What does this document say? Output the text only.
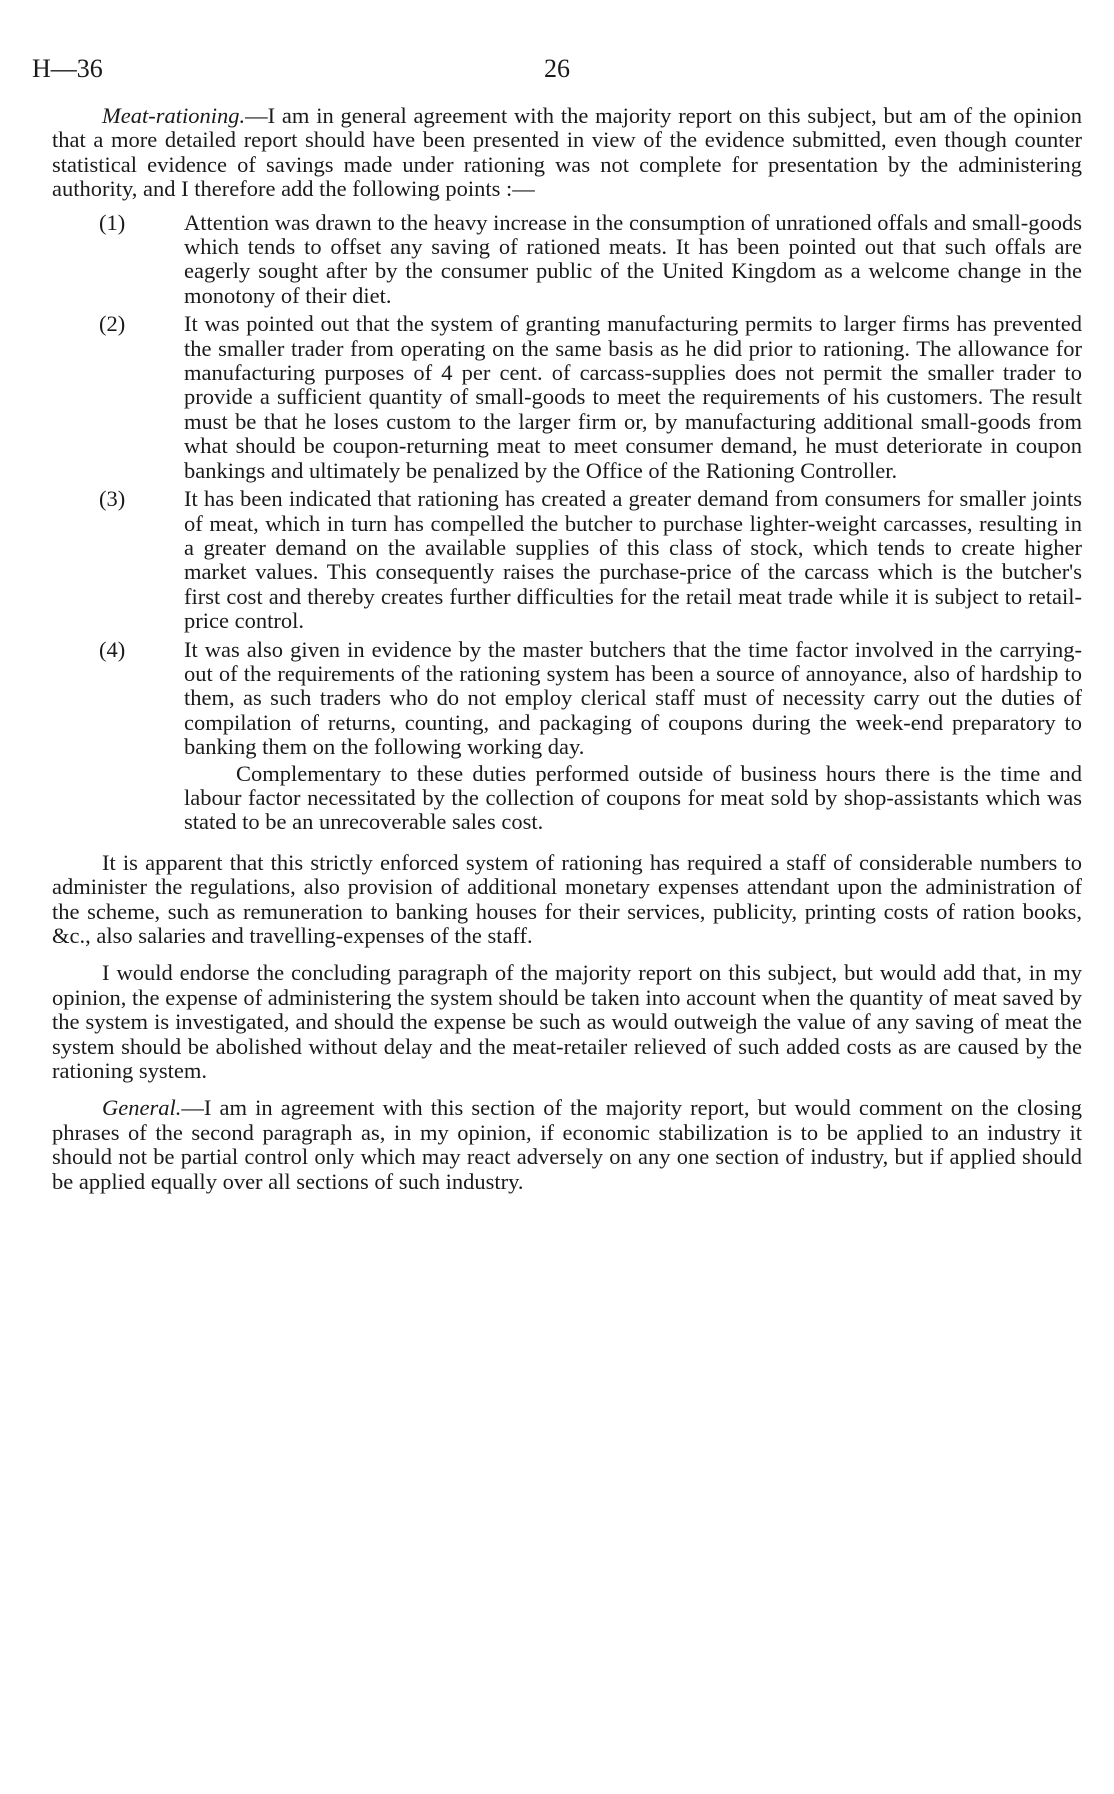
H—36	26

Meat-rationing.—I am in general agreement with the majority report on this subject, but am of the opinion that a more detailed report should have been presented in view of the evidence submitted, even though counter statistical evidence of savings made under rationing was not complete for presentation by the administering authority, and I therefore add the following points :—

(1)	Attention was drawn to the heavy increase in the consumption of unrationed offals and small-goods which tends to offset any saving of rationed meats. It has been pointed out that such offals are eagerly sought after by the consumer public of the United Kingdom as a welcome change in the monotony of their diet.
(2)	It was pointed out that the system of granting manufacturing permits to larger firms has prevented the smaller trader from operating on the same basis as he did prior to rationing. The allowance for manufacturing purposes of 4 per cent. of carcass-supplies does not permit the smaller trader to provide a sufficient quantity of small-goods to meet the requirements of his customers. The result must be that he loses custom to the larger firm or, by manufacturing additional small-goods from what should be coupon-returning meat to meet consumer demand, he must deteriorate in coupon bankings and ultimately be penalized by the Office of the Rationing Controller.
(3)	It has been indicated that rationing has created a greater demand from consumers for smaller joints of meat, which in turn has compelled the butcher to purchase lighter-weight carcasses, resulting in a greater demand on the available supplies of this class of stock, which tends to create higher market values. This consequently raises the purchase-price of the carcass which is the butcher's first cost and thereby creates further difficulties for the retail meat trade while it is subject to retail-price control.
(4)	It was also given in evidence by the master butchers that the time factor involved in the carrying-out of the requirements of the rationing system has been a source of annoyance, also of hardship to them, as such traders who do not employ clerical staff must of necessity carry out the duties of compilation of returns, counting, and packaging of coupons during the week-end preparatory to banking them on the following working day.
Complementary to these duties performed outside of business hours there is the time and labour factor necessitated by the collection of coupons for meat sold by shop-assistants which was stated to be an unrecoverable sales cost.

It is apparent that this strictly enforced system of rationing has required a staff of considerable numbers to administer the regulations, also provision of additional monetary expenses attendant upon the administration of the scheme, such as remuneration to banking houses for their services, publicity, printing costs of ration books, &c., also salaries and travelling-expenses of the staff.

I would endorse the concluding paragraph of the majority report on this subject, but would add that, in my opinion, the expense of administering the system should be taken into account when the quantity of meat saved by the system is investigated, and should the expense be such as would outweigh the value of any saving of meat the system should be abolished without delay and the meat-retailer relieved of such added costs as are caused by the rationing system.

General.—I am in agreement with this section of the majority report, but would comment on the closing phrases of the second paragraph as, in my opinion, if economic stabilization is to be applied to an industry it should not be partial control only which may react adversely on any one section of industry, but if applied should be applied equally over all sections of such industry.
